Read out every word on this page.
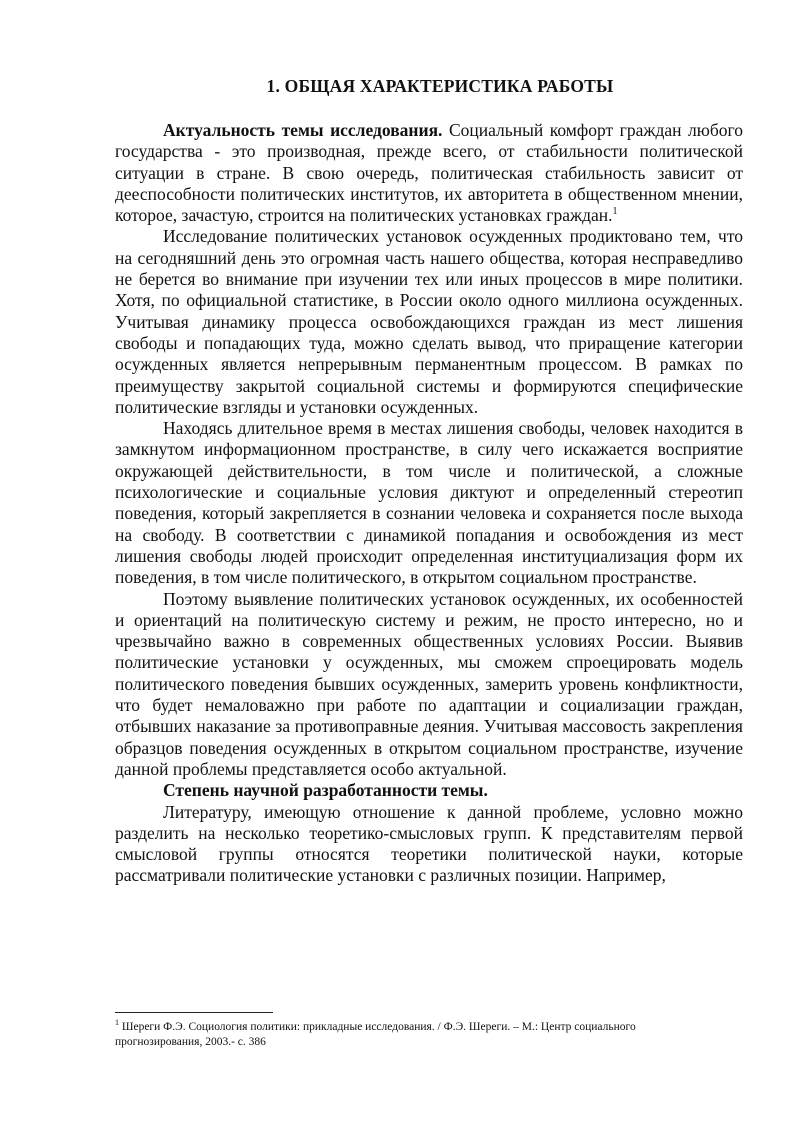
1. ОБЩАЯ ХАРАКТЕРИСТИКА РАБОТЫ

Актуальность темы исследования. Социальный комфорт граждан любого государства - это производная, прежде всего, от стабильности политической ситуации в стране. В свою очередь, политическая стабильность зависит от дееспособности политических институтов, их авторитета в общественном мнении, которое, зачастую, строится на политических установках граждан.$^1$

Исследование политических установок осужденных продиктовано тем, что на сегодняшний день это огромная часть нашего общества, которая несправедливо не берется во внимание при изучении тех или иных процессов в мире политики. Хотя, по официальной статистике, в России около одного миллиона осужденных. Учитывая динамику процесса освобождающихся граждан из мест лишения свободы и попадающих туда, можно сделать вывод, что приращение категории осужденных является непрерывным перманентным процессом. В рамках по преимуществу закрытой социальной системы и формируются специфические политические взгляды и установки осужденных.

Находясь длительное время в местах лишения свободы, человек находится в замкнутом информационном пространстве, в силу чего искажается восприятие окружающей действительности, в том числе и политической, а сложные психологические и социальные условия диктуют и определенный стереотип поведения, который закрепляется в сознании человека и сохраняется после выхода на свободу. В соответствии с динамикой попадания и освобождения из мест лишения свободы людей происходит определенная институциализация форм их поведения, в том числе политического, в открытом социальном пространстве.

Поэтому выявление политических установок осужденных, их особенностей и ориентаций на политическую систему и режим, не просто интересно, но и чрезвычайно важно в современных общественных условиях России. Выявив политические установки у осужденных, мы сможем спроецировать модель политического поведения бывших осужденных, замерить уровень конфликтности, что будет немаловажно при работе по адаптации и социализации граждан, отбывших наказание за противоправные деяния. Учитывая массовость закрепления образцов поведения осужденных в открытом социальном пространстве, изучение данной проблемы представляется особо актуальной.

Степень научной разработанности темы.

Литературу, имеющую отношение к данной проблеме, условно можно разделить на несколько теоретико-смысловых групп. К представителям первой смысловой группы относятся теоретики политической науки, которые рассматривали политические установки с различных позиции. Например,

$^1$ Шереги Ф.Э. Социология политики: прикладные исследования. / Ф.Э. Шереги. – М.: Центр социального прогнозирования, 2003.- с. 386
